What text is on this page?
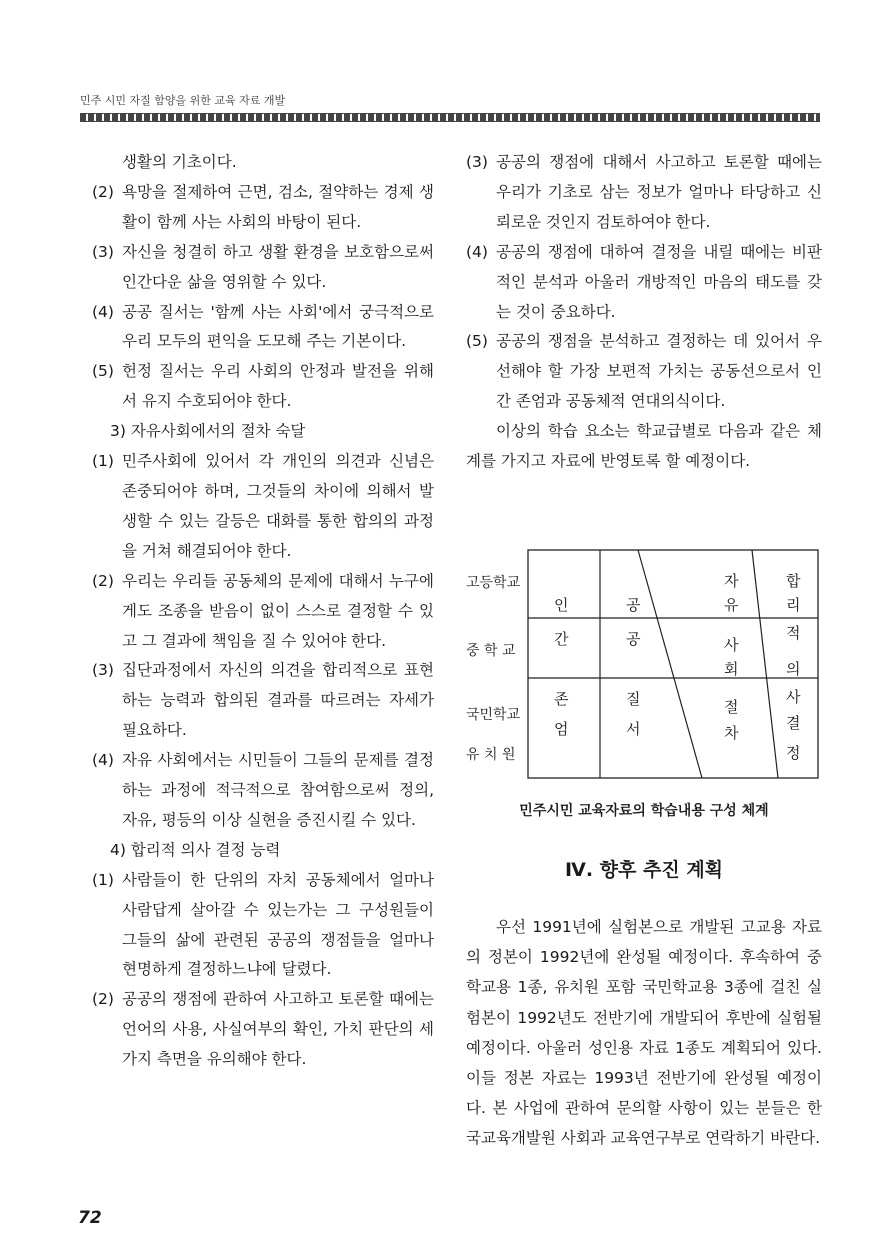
민주 시민 자질 함양을 위한 교육 자료 개발
생활의 기초이다.
(2) 욕망을 절제하여 근면, 검소, 절약하는 경제 생활이 함께 사는 사회의 바탕이 된다.
(3) 자신을 청결히 하고 생활 환경을 보호함으로써 인간다운 삶을 영위할 수 있다.
(4) 공공 질서는 '함께 사는 사회'에서 궁극적으로 우리 모두의 편익을 도모해 주는 기본이다.
(5) 헌정 질서는 우리 사회의 안정과 발전을 위해서 유지 수호되어야 한다.
3) 자유사회에서의 절차 숙달
(1) 민주사회에 있어서 각 개인의 의견과 신념은 존중되어야 하며, 그것들의 차이에 의해서 발생할 수 있는 갈등은 대화를 통한 합의의 과정을 거쳐 해결되어야 한다.
(2) 우리는 우리들 공동체의 문제에 대해서 누구에게도 조종을 받음이 없이 스스로 결정할 수 있고 그 결과에 책임을 질 수 있어야 한다.
(3) 집단과정에서 자신의 의견을 합리적으로 표현하는 능력과 합의된 결과를 따르려는 자세가 필요하다.
(4) 자유 사회에서는 시민들이 그들의 문제를 결정하는 과정에 적극적으로 참여함으로써 정의, 자유, 평등의 이상 실현을 증진시킬 수 있다.
4) 합리적 의사 결정 능력
(1) 사람들이 한 단위의 자치 공동체에서 얼마나 사람답게 살아갈 수 있는가는 그 구성원들이 그들의 삶에 관련된 공공의 쟁점들을 얼마나 현명하게 결정하느냐에 달렸다.
(2) 공공의 쟁점에 관하여 사고하고 토론할 때에는 언어의 사용, 사실여부의 확인, 가치 판단의 세가지 측면을 유의해야 한다.
(3) 공공의 쟁점에 대해서 사고하고 토론할 때에는 우리가 기초로 삼는 정보가 얼마나 타당하고 신뢰로운 것인지 검토하여야 한다.
(4) 공공의 쟁점에 대하여 결정을 내릴 때에는 비판적인 분석과 아울러 개방적인 마음의 태도를 갖는 것이 중요하다.
(5) 공공의 쟁점을 분석하고 결정하는 데 있어서 우선해야 할 가장 보편적 가치는 공동선으로서 인간 존엄과 공동체적 연대의식이다.
이상의 학습 요소는 학교급별로 다음과 같은 체계를 가지고 자료에 반영토록 할 예정이다.
고등학교
중 학 교
국민학교
유 치 원
인
간
존
엄
공
공
질
서
자
유
사
회
절
차
합
리
적
의
사
결
정
민주시민 교육자료의 학습내용 구성 체계
Ⅳ. 향후 추진 계획
우선 1991년에 실험본으로 개발된 고교용 자료의 정본이 1992년에 완성될 예정이다. 후속하여 중학교용 1종, 유치원 포함 국민학교용 3종에 걸친 실험본이 1992년도 전반기에 개발되어 후반에 실험될 예정이다. 아울러 성인용 자료 1종도 계획되어 있다. 이들 정본 자료는 1993년 전반기에 완성될 예정이다. 본 사업에 관하여 문의할 사항이 있는 분들은 한국교육개발원 사회과 교육연구부로 연락하기 바란다.
72
